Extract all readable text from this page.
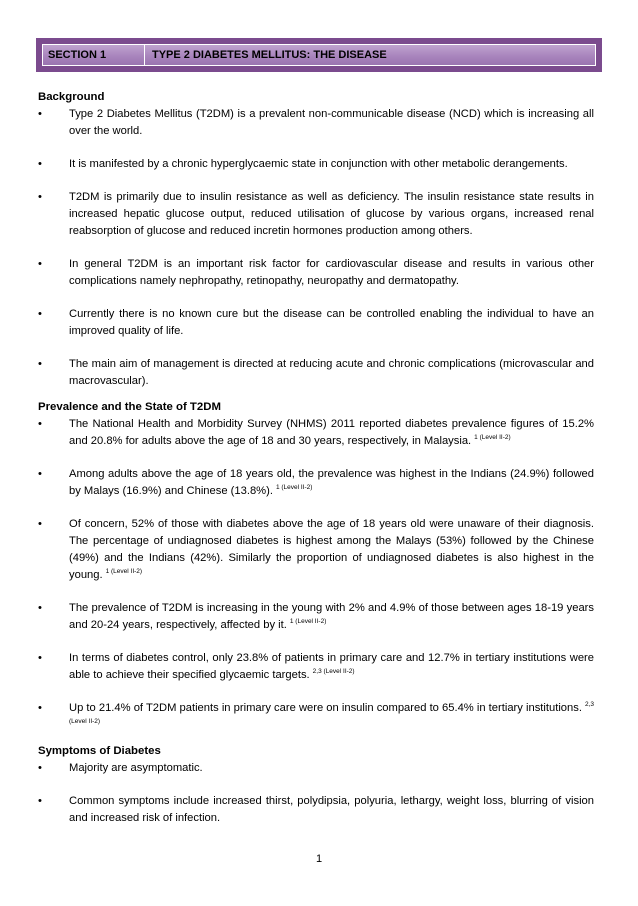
SECTION 1	TYPE 2 DIABETES MELLITUS: THE DISEASE
Background
•	Type 2 Diabetes Mellitus (T2DM) is a prevalent non-communicable disease (NCD) which is increasing all over the world.
•	It is manifested by a chronic hyperglycaemic state in conjunction with other metabolic derangements.
•	T2DM is primarily due to insulin resistance as well as deficiency. The insulin resistance state results in increased hepatic glucose output, reduced utilisation of glucose by various organs, increased renal reabsorption of glucose and reduced incretin hormones production among others.
•	In general T2DM is an important risk factor for cardiovascular disease and results in various other complications namely nephropathy, retinopathy, neuropathy and dermatopathy.
•	Currently there is no known cure but the disease can be controlled enabling the individual to have an improved quality of life.
•	The main aim of management is directed at reducing acute and chronic complications (microvascular and macrovascular).
Prevalence and the State of T2DM
•	The National Health and Morbidity Survey (NHMS) 2011 reported diabetes prevalence figures of 15.2% and 20.8% for adults above the age of 18 and 30 years, respectively, in Malaysia. $^{1 (Level II-2)}$
•	Among adults above the age of 18 years old, the prevalence was highest in the Indians (24.9%) followed by Malays (16.9%) and Chinese (13.8%). $^{1 (Level II-2)}$
•	Of concern, 52% of those with diabetes above the age of 18 years old were unaware of their diagnosis. The percentage of undiagnosed diabetes is highest among the Malays (53%) followed by the Chinese (49%) and the Indians (42%). Similarly the proportion of undiagnosed diabetes is also highest in the young. $^{1 (Level II-2)}$
•	The prevalence of T2DM is increasing in the young with 2% and 4.9% of those between ages 18-19 years and 20-24 years, respectively, affected by it. $^{1 (Level II-2)}$
•	In terms of diabetes control, only 23.8% of patients in primary care and 12.7% in tertiary institutions were able to achieve their specified glycaemic targets. $^{2,3 (Level II-2)}$
•	Up to 21.4% of T2DM patients in primary care were on insulin compared to 65.4% in tertiary institutions. $^{2,3 (Level II-2)}$
Symptoms of Diabetes
•	Majority are asymptomatic.
•	Common symptoms include increased thirst, polydipsia, polyuria, lethargy, weight loss, blurring of vision and increased risk of infection.
1
